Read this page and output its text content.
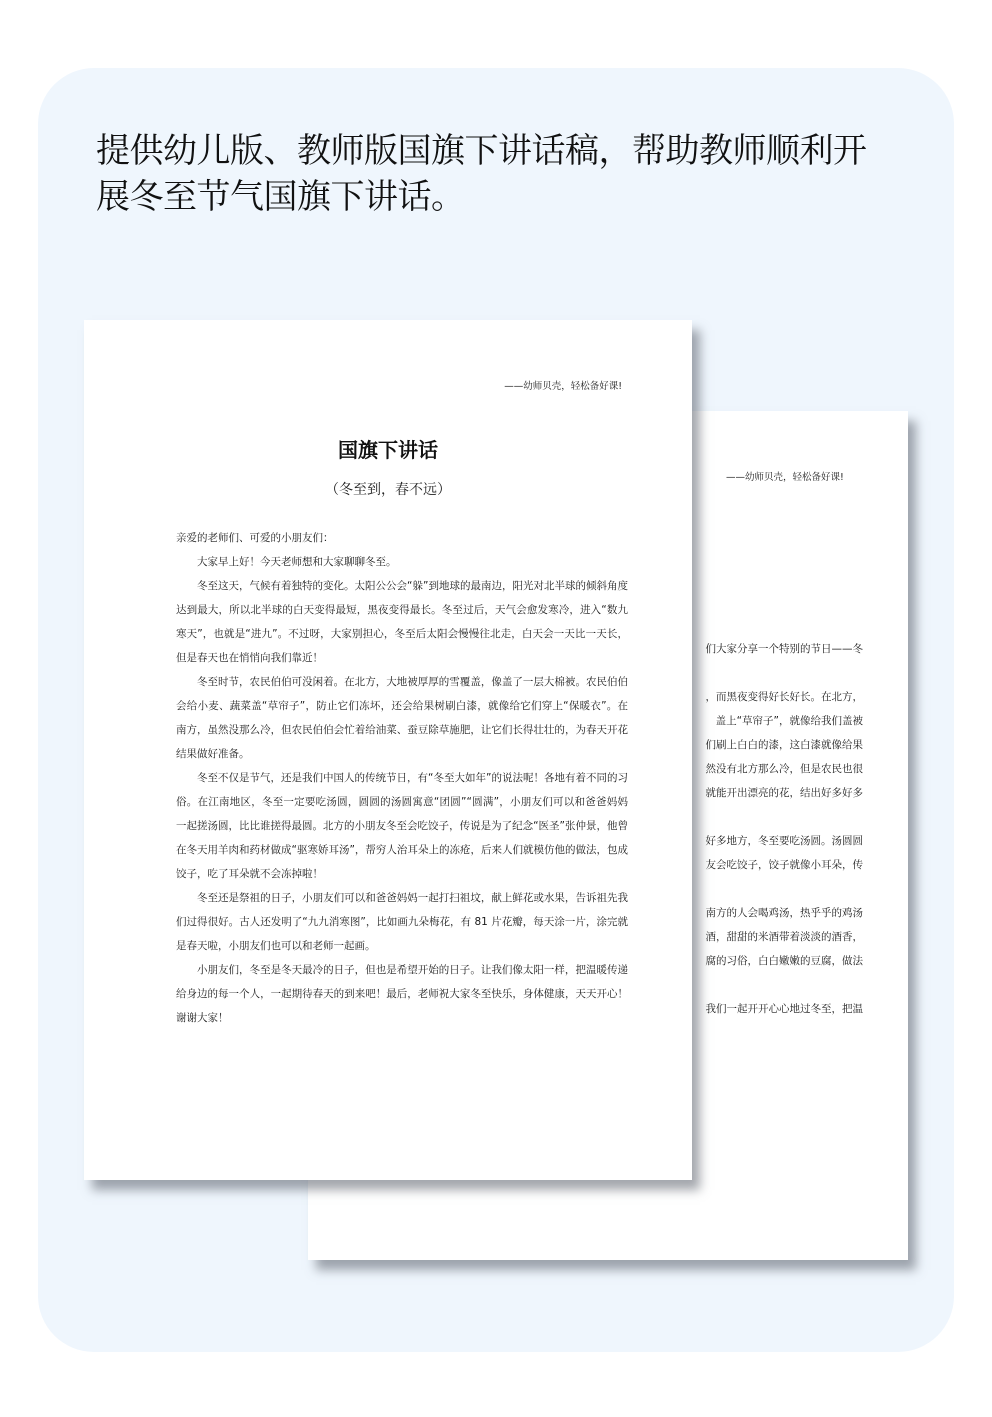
提供幼儿版、教师版国旗下讲话稿，帮助教师顺利开展冬至节气国旗下讲话。
——幼师贝壳，轻松备好课!
们大家分享一个特别的节日——冬
，而黑夜变得好长好长。在北方，
盖上“草帘子”，就像给我们盖被
们刷上白白的漆，这白漆就像给果
然没有北方那么冷，但是农民也很
就能开出漂亮的花，结出好多好多
好多地方，冬至要吃汤圆。汤圆圆
友会吃饺子，饺子就像小耳朵，传
南方的人会喝鸡汤，热乎乎的鸡汤
酒，甜甜的米酒带着淡淡的酒香，
腐的习俗，白白嫩嫩的豆腐，做法
我们一起开开心心地过冬至，把温
——幼师贝壳，轻松备好课!
国旗下讲话
（冬至到，春不远）

亲爱的老师们、可爱的小朋友们：

大家早上好！今天老师想和大家聊聊冬至。

冬至这天，气候有着独特的变化。太阳公公会“躲”到地球的最南边，阳光对北半球的倾斜角度达到最大，所以北半球的白天变得最短，黑夜变得最长。冬至过后，天气会愈发寒冷，进入“数九寒天”，也就是“进九”。不过呀，大家别担心，冬至后太阳会慢慢往北走，白天会一天比一天长，但是春天也在悄悄向我们靠近！

冬至时节，农民伯伯可没闲着。在北方，大地被厚厚的雪覆盖，像盖了一层大棉被。农民伯伯会给小麦、蔬菜盖“草帘子”，防止它们冻坏，还会给果树刷白漆，就像给它们穿上“保暖衣”。在南方，虽然没那么冷，但农民伯伯会忙着给油菜、蚕豆除草施肥，让它们长得壮壮的，为春天开花结果做好准备。

冬至不仅是节气，还是我们中国人的传统节日，有“冬至大如年”的说法呢！各地有着不同的习俗。在江南地区，冬至一定要吃汤圆，圆圆的汤圆寓意“团圆”“圆满”，小朋友们可以和爸爸妈妈一起搓汤圆，比比谁搓得最圆。北方的小朋友冬至会吃饺子，传说是为了纪念“医圣”张仲景，他曾在冬天用羊肉和药材做成“驱寒娇耳汤”，帮穷人治耳朵上的冻疮，后来人们就模仿他的做法，包成饺子，吃了耳朵就不会冻掉啦！

冬至还是祭祖的日子，小朋友们可以和爸爸妈妈一起打扫祖坟，献上鲜花或水果，告诉祖先我们过得很好。古人还发明了“九九消寒图”，比如画九朵梅花，有 81 片花瓣，每天涂一片，涂完就是春天啦，小朋友们也可以和老师一起画。

小朋友们，冬至是冬天最冷的日子，但也是希望开始的日子。让我们像太阳一样，把温暖传递给身边的每一个人，一起期待春天的到来吧！最后，老师祝大家冬至快乐，身体健康，天天开心！谢谢大家！
